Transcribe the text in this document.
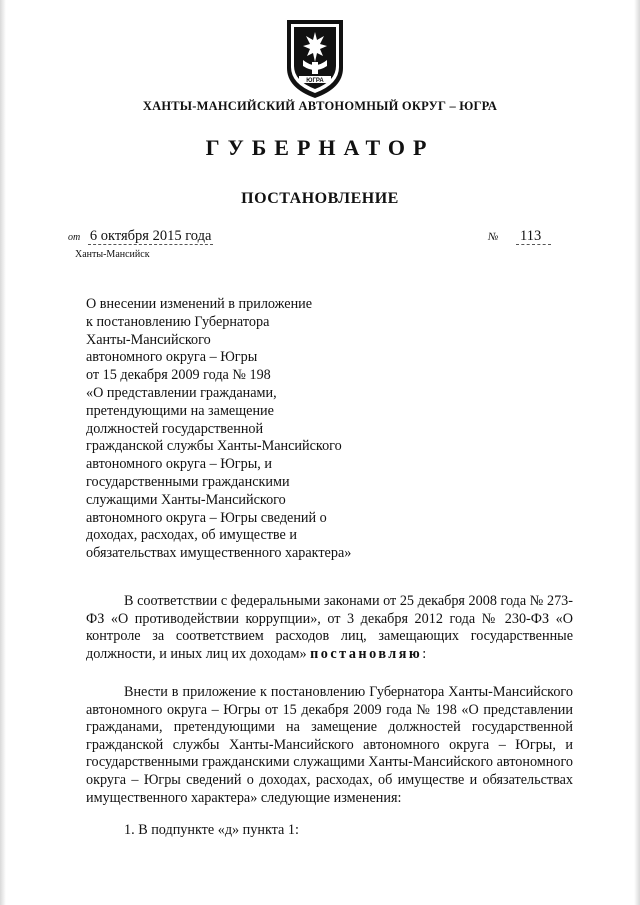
ЮГРА
ХАНТЫ-МАНСИЙСКИЙ АВТОНОМНЫЙ ОКРУГ – ЮГРА
ГУБЕРНАТОР
ПОСТАНОВЛЕНИЕ
от 6 октября 2015 года	№ 113
Ханты-Мансийск
О внесении изменений в приложение
к постановлению Губернатора
Ханты-Мансийского
автономного округа – Югры
от 15 декабря 2009 года № 198
«О представлении гражданами,
претендующими на замещение
должностей государственной
гражданской службы Ханты-Мансийского
автономного округа – Югры, и
государственными гражданскими
служащими Ханты-Мансийского
автономного округа – Югры сведений о
доходах, расходах, об имуществе и
обязательствах имущественного характера»
В соответствии с федеральными законами от 25 декабря 2008 года № 273-ФЗ «О противодействии коррупции», от 3 декабря 2012 года № 230-ФЗ «О контроле за соответствием расходов лиц, замещающих государственные должности, и иных лиц их доходам» постановляю:
Внести в приложение к постановлению Губернатора Ханты-Мансийского автономного округа – Югры от 15 декабря 2009 года № 198 «О представлении гражданами, претендующими на замещение должностей государственной гражданской службы Ханты-Мансийского автономного округа – Югры, и государственными гражданскими служащими Ханты-Мансийского автономного округа – Югры сведений о доходах, расходах, об имуществе и обязательствах имущественного характера» следующие изменения:
1. В подпункте «д» пункта 1:
